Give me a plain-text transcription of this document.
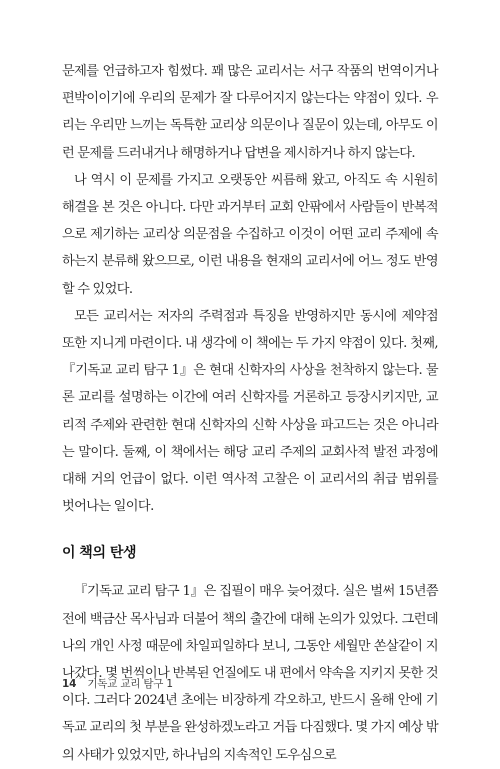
문제를 언급하고자 힘썼다. 꽤 많은 교리서는 서구 작품의 번역이거나 편박이이기에 우리의 문제가 잘 다루어지지 않는다는 약점이 있다. 우리는 우리만 느끼는 독특한 교리상 의문이나 질문이 있는데, 아무도 이런 문제를 드러내거나 해명하거나 답변을 제시하거나 하지 않는다.

나 역시 이 문제를 가지고 오랫동안 씨름해 왔고, 아직도 속 시원히 해결을 본 것은 아니다. 다만 과거부터 교회 안팎에서 사람들이 반복적으로 제기하는 교리상 의문점을 수집하고 이것이 어떤 교리 주제에 속하는지 분류해 왔으므로, 이런 내용을 현재의 교리서에 어느 정도 반영할 수 있었다.

모든 교리서는 저자의 주력점과 특징을 반영하지만 동시에 제약점 또한 지니게 마련이다. 내 생각에 이 책에는 두 가지 약점이 있다. 첫째, 『기독교 교리 탐구 1』은 현대 신학자의 사상을 천착하지 않는다. 물론 교리를 설명하는 이간에 여러 신학자를 거론하고 등장시키지만, 교리적 주제와 관련한 현대 신학자의 신학 사상을 파고드는 것은 아니라는 말이다. 둘째, 이 책에서는 해당 교리 주제의 교회사적 발전 과정에 대해 거의 언급이 없다. 이런 역사적 고찰은 이 교리서의 취급 범위를 벗어나는 일이다.

이 책의 탄생

『기독교 교리 탐구 1』은 집필이 매우 늦어졌다. 실은 벌써 15년쯤 전에 백금산 목사님과 더불어 책의 출간에 대해 논의가 있었다. 그런데 나의 개인 사정 때문에 차일피일하다 보니, 그동안 세월만 쏜살같이 지나갔다. 몇 번씩이나 반복된 언질에도 내 편에서 약속을 지키지 못한 것이다. 그러다 2024년 초에는 비장하게 각오하고, 반드시 올해 안에 기독교 교리의 첫 부분을 완성하겠노라고 거듭 다짐했다. 몇 가지 예상 밖의 사태가 있었지만, 하나님의 지속적인 도우심으로

14 기독교 교리 탐구 1
